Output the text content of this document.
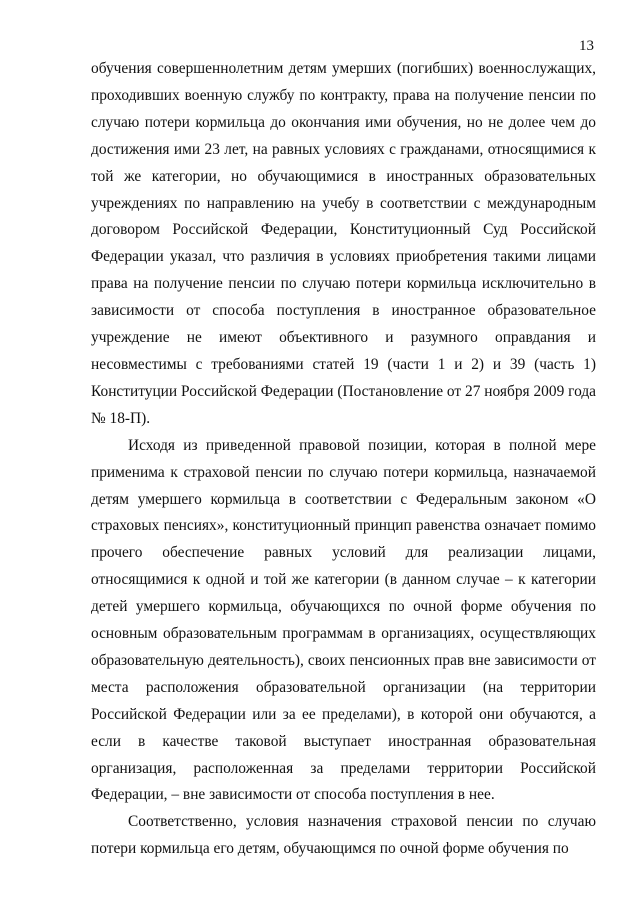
13

обучения совершеннолетним детям умерших (погибших) военнослужащих, проходивших военную службу по контракту, права на получение пенсии по случаю потери кормильца до окончания ими обучения, но не долее чем до достижения ими 23 лет, на равных условиях с гражданами, относящимися к той же категории, но обучающимися в иностранных образовательных учреждениях по направлению на учебу в соответствии с международным договором Российской Федерации, Конституционный Суд Российской Федерации указал, что различия в условиях приобретения такими лицами права на получение пенсии по случаю потери кормильца исключительно в зависимости от способа поступления в иностранное образовательное учреждение не имеют объективного и разумного оправдания и несовместимы с требованиями статей 19 (части 1 и 2) и 39 (часть 1) Конституции Российской Федерации (Постановление от 27 ноября 2009 года № 18-П).

Исходя из приведенной правовой позиции, которая в полной мере применима к страховой пенсии по случаю потери кормильца, назначаемой детям умершего кормильца в соответствии с Федеральным законом «О страховых пенсиях», конституционный принцип равенства означает помимо прочего обеспечение равных условий для реализации лицами, относящимися к одной и той же категории (в данном случае – к категории детей умершего кормильца, обучающихся по очной форме обучения по основным образовательным программам в организациях, осуществляющих образовательную деятельность), своих пенсионных прав вне зависимости от места расположения образовательной организации (на территории Российской Федерации или за ее пределами), в которой они обучаются, а если в качестве таковой выступает иностранная образовательная организация, расположенная за пределами территории Российской Федерации, – вне зависимости от способа поступления в нее.

Соответственно, условия назначения страховой пенсии по случаю потери кормильца его детям, обучающимся по очной форме обучения по
